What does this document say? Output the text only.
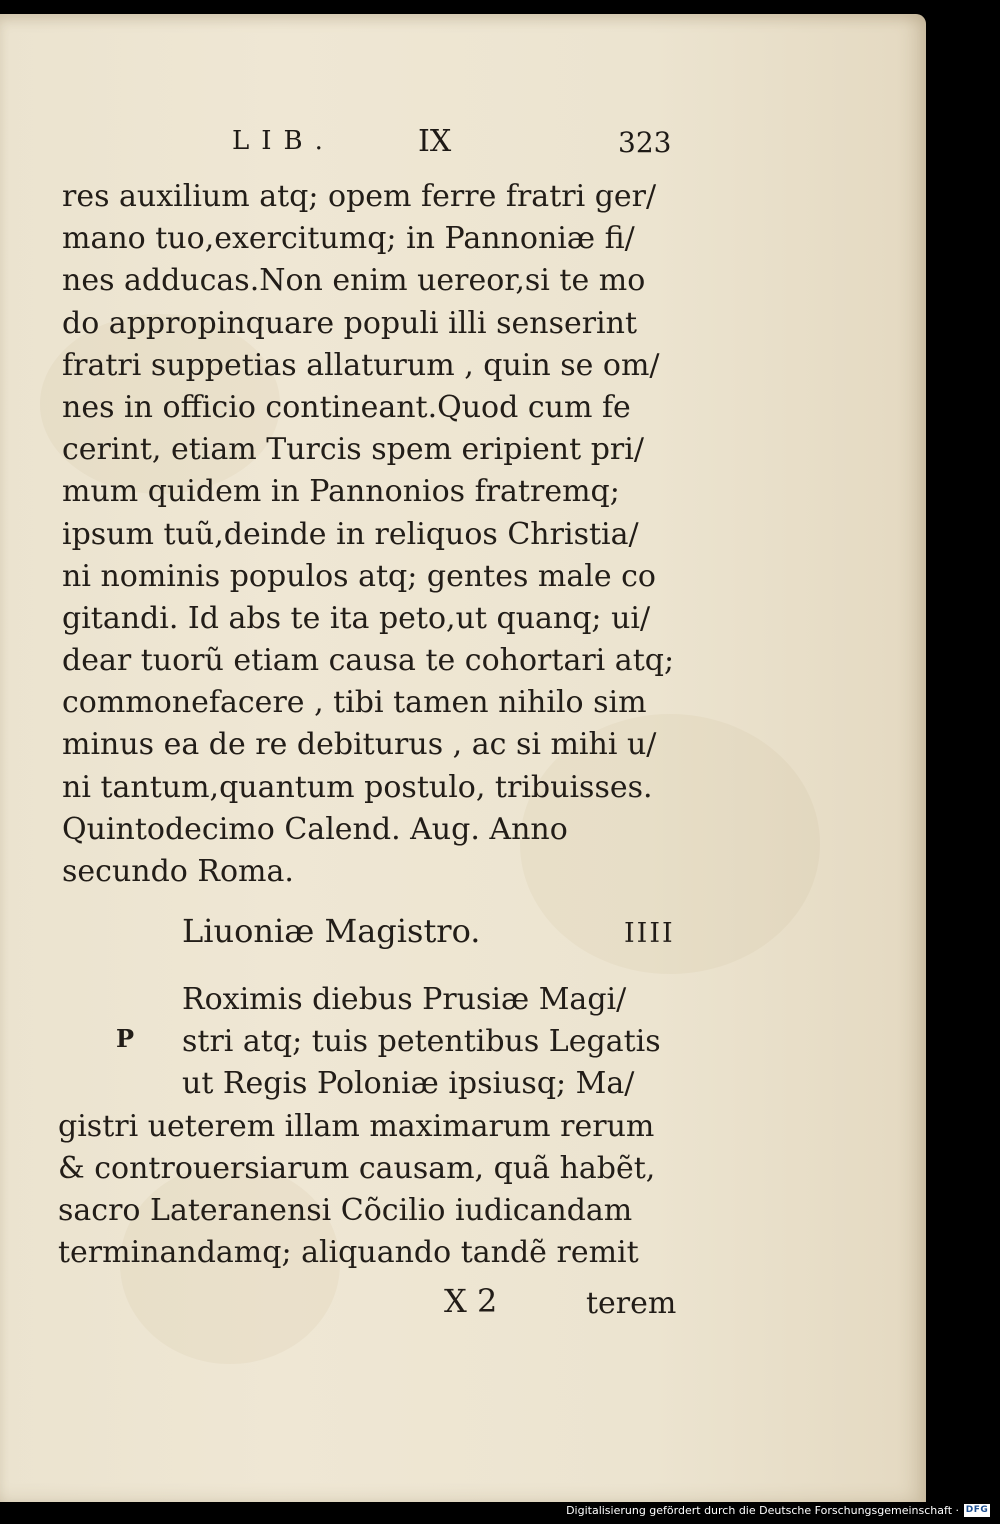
LIB.	IX	323
res auxilium atq; opem ferre fratri ger/
mano tuo,exercitumq; in Pannoniæ fi/
nes adducas.Non enim uereor,si te mo
do appropinquare populi illi senserint
fratri suppetias allaturum , quin se om/
nes in officio contineant.Quod cum fe
cerint, etiam Turcis spem eripient pri/
mum quidem in Pannonios fratremq;
ipsum tuũ,deinde in reliquos Christia/
ni nominis populos atq; gentes male co
gitandi. Id abs te ita peto,ut quanq; ui/
dear tuorũ etiam causa te cohortari atq;
commonefacere , tibi tamen nihilo sim
minus ea de re debiturus , ac si mihi u/
ni tantum,quantum postulo, tribuisses.
Quintodecimo Calend. Aug. Anno
secundo Roma.
Liuoniæ Magistro.	IIII
P
Roximis diebus Prusiæ Magi/
stri atq; tuis petentibus Legatis
ut Regis Poloniæ ipsiusq; Ma/
gistri ueterem illam maximarum rerum
& controuersiarum causam, quã habẽt,
sacro Lateranensi Cõcilio iudicandam
terminandamq; aliquando tandẽ remit
X 2	terem
Digitalisierung gefördert durch die Deutsche Forschungsgemeinschaft · DFG
